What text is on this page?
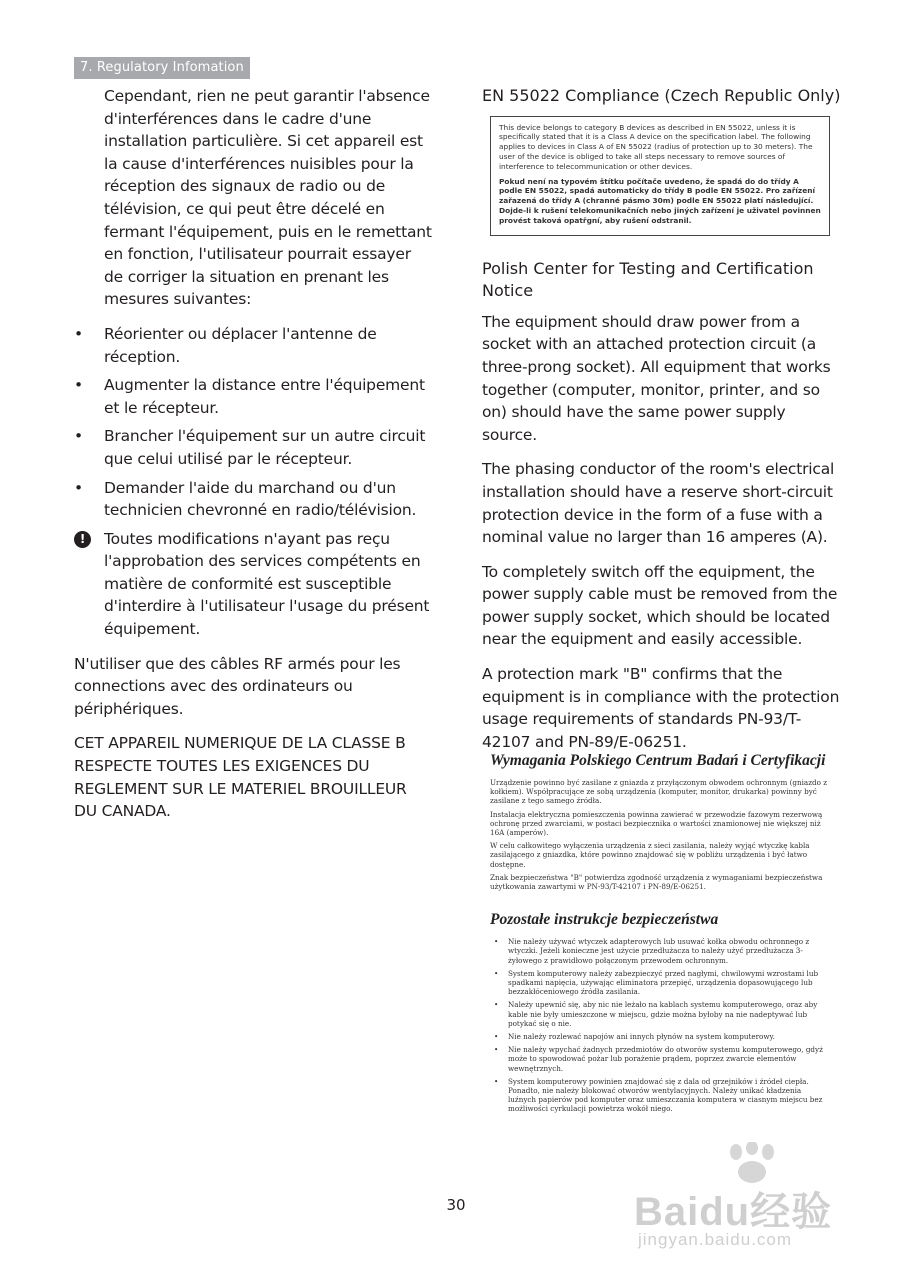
7. Regulatory Infomation

Cependant, rien ne peut garantir l'absence d'interférences dans le cadre d'une installation particulière. Si cet appareil est la cause d'interférences nuisibles pour la réception des signaux de radio ou de télévision, ce qui peut être décelé en fermant l'équipement, puis en le remettant en fonction, l'utilisateur pourrait essayer de corriger la situation en prenant les mesures suivantes:

• Réorienter ou déplacer l'antenne de réception.
• Augmenter la distance entre l'équipement et le récepteur.
• Brancher l'équipement sur un autre circuit que celui utilisé par le récepteur.
• Demander l'aide du marchand ou d'un technicien chevronné en radio/télévision.
!	Toutes modifications n'ayant pas reçu l'approbation des services compétents en matière de conformité est susceptible d'interdire à l'utilisateur l'usage du présent équipement.

N'utiliser que des câbles RF armés pour les connections avec des ordinateurs ou périphériques.

CET APPAREIL NUMERIQUE DE LA CLASSE B RESPECTE TOUTES LES EXIGENCES DU REGLEMENT SUR LE MATERIEL BROUILLEUR DU CANADA.

EN 55022 Compliance (Czech Republic Only)

This device belongs to category B devices as described in EN 55022, unless it is specifically stated that it is a Class A device on the specification label. The following applies to devices in Class A of EN 55022 (radius of protection up to 30 meters). The user of the device is obliged to take all steps necessary to remove sources of interference to telecommunication or other devices.

Pokud není na typovém štítku počítače uvedeno, že spadá do do třídy A podle EN 55022, spadá automaticky do třídy B podle EN 55022. Pro zařízení zařazená do třídy A (chranné pásmo 30m) podle EN 55022 platí následující. Dojde-li k rušení telekomunikačních nebo jiných zařízení je uživatel povinnen provést taková opatřgní, aby rušení odstranil.

Polish Center for Testing and Certification Notice

The equipment should draw power from a socket with an attached protection circuit (a three-prong socket). All equipment that works together (computer, monitor, printer, and so on) should have the same power supply source.

The phasing conductor of the room's electrical installation should have a reserve short-circuit protection device in the form of a fuse with a nominal value no larger than 16 amperes (A).

To completely switch off the equipment, the power supply cable must be removed from the power supply socket, which should be located near the equipment and easily accessible.

A protection mark "B" confirms that the equipment is in compliance with the protection usage requirements of standards PN-93/T-42107 and PN-89/E-06251.

Wymagania Polskiego Centrum Badań i Certyfikacji

Urządzenie powinno być zasilane z gniazda z przyłączonym obwodem ochronnym (gniazdo z kołkiem). Współpracujące ze sobą urządzenia (komputer, monitor, drukarka) powinny być zasilane z tego samego źródła.

Instalacja elektryczna pomieszczenia powinna zawierać w przewodzie fazowym rezerwową ochronę przed zwarciami, w postaci bezpiecznika o wartości znamionowej nie większej niż 16A (amperów).

W celu całkowitego wyłączenia urządzenia z sieci zasilania, należy wyjąć wtyczkę kabla zasilającego z gniazdka, które powinno znajdować się w pobliżu urządzenia i być łatwo dostępne.

Znak bezpieczeństwa "B" potwierdza zgodność urządzenia z wymaganiami bezpieczeństwa użytkowania zawartymi w PN-93/T-42107 i PN-89/E-06251.

Pozostałe instrukcje bezpieczeństwa
• Nie należy używać wtyczek adapterowych lub usuwać kołka obwodu ochronnego z wtyczki. Jeżeli konieczne jest użycie przedłużacza to należy użyć przedłużacza 3-żyłowego z prawidłowo połączonym przewodem ochronnym.
• System komputerowy należy zabezpieczyć przed nagłymi, chwilowymi wzrostami lub spadkami napięcia, używając eliminatora przepięć, urządzenia dopasowującego lub bezzakłóceniowego źródła zasilania.
• Należy upewnić się, aby nic nie leżało na kablach systemu komputerowego, oraz aby kable nie były umieszczone w miejscu, gdzie można byłoby na nie nadeptywać lub potykać się o nie.
• Nie należy rozlewać napojów ani innych płynów na system komputerowy.
• Nie należy wpychać żadnych przedmiotów do otworów systemu komputerowego, gdyż może to spowodować pożar lub porażenie prądem, poprzez zwarcie elementów wewnętrznych.
• System komputerowy powinien znajdować się z dala od grzejników i źródeł ciepła. Ponadto, nie należy blokować otworów wentylacyjnych. Należy unikać kładzenia luźnych papierów pod komputer oraz umieszczania komputera w ciasnym miejscu bez możliwości cyrkulacji powietrza wokół niego.
30	Baidu经验
jingyan.baidu.com
